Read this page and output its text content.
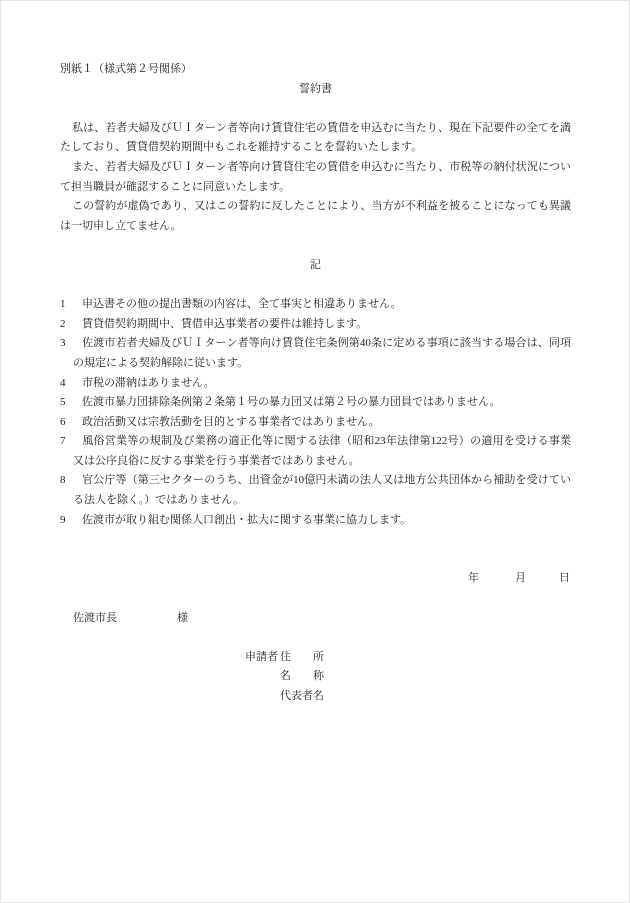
別紙１（様式第２号関係）
誓約書

私は、若者夫婦及びＵＩターン者等向け賃貸住宅の賃借を申込むに当たり、現在下記要件の全てを満たしており、賃貸借契約期間中もこれを維持することを誓約いたします。

また、若者夫婦及びＵＩターン者等向け賃貸住宅の賃借を申込むに当たり、市税等の納付状況について担当職員が確認することに同意いたします。

この誓約が虚偽であり、又はこの誓約に反したことにより、当方が不利益を被ることになっても異議は一切申し立てません。

記
1 申込書その他の提出書類の内容は、全て事実と相違ありません。
2 賃貸借契約期間中、賃借申込事業者の要件は維持します。
3 佐渡市若者夫婦及びＵＩターン者等向け賃貸住宅条例第40条に定める事項に該当する場合は、同項の規定による契約解除に従います。
4 市税の滞納はありません。
5 佐渡市暴力団排除条例第２条第１号の暴力団又は第２号の暴力団員ではありません。
6 政治活動又は宗教活動を目的とする事業者ではありません。
7 風俗営業等の規制及び業務の適正化等に関する法律（昭和23年法律第122号）の適用を受ける事業又は公序良俗に反する事業を行う事業者ではありません。
8 官公庁等（第三セクターのうち、出資金が10億円未満の法人又は地方公共団体から補助を受けている法人を除く。）ではありません。
9 佐渡市が取り組む関係人口創出・拡大に関する事業に協力します。
年	月	日
佐渡市長	様
申請者 住　　所
名　　称
代表者名
